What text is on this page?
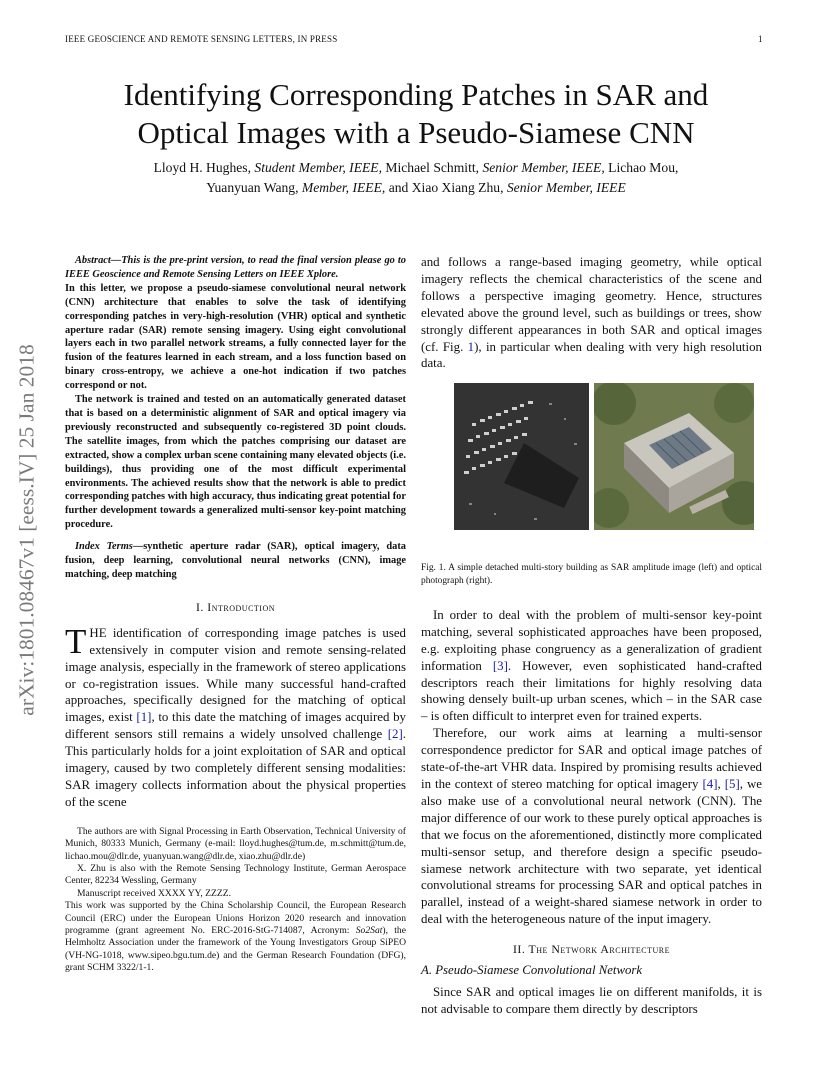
IEEE GEOSCIENCE AND REMOTE SENSING LETTERS, IN PRESS	1
Identifying Corresponding Patches in SAR and
Optical Images with a Pseudo-Siamese CNN
Lloyd H. Hughes, Student Member, IEEE, Michael Schmitt, Senior Member, IEEE, Lichao Mou,
Yuanyuan Wang, Member, IEEE, and Xiao Xiang Zhu, Senior Member, IEEE
arXiv:1801.08467v1 [eess.IV] 25 Jan 2018

Abstract—This is the pre-print version, to read the final version please go to IEEE Geoscience and Remote Sensing Letters on IEEE Xplore.

In this letter, we propose a pseudo-siamese convolutional neural network (CNN) architecture that enables to solve the task of identifying corresponding patches in very-high-resolution (VHR) optical and synthetic aperture radar (SAR) remote sensing imagery. Using eight convolutional layers each in two parallel network streams, a fully connected layer for the fusion of the features learned in each stream, and a loss function based on binary cross-entropy, we achieve a one-hot indication if two patches correspond or not.

The network is trained and tested on an automatically generated dataset that is based on a deterministic alignment of SAR and optical imagery via previously reconstructed and subsequently co-registered 3D point clouds. The satellite images, from which the patches comprising our dataset are extracted, show a complex urban scene containing many elevated objects (i.e. buildings), thus providing one of the most difficult experimental environments. The achieved results show that the network is able to predict corresponding patches with high accuracy, thus indicating great potential for further development towards a generalized multi-sensor key-point matching procedure.

Index Terms—synthetic aperture radar (SAR), optical imagery, data fusion, deep learning, convolutional neural networks (CNN), image matching, deep matching

I. Introduction

THE identification of corresponding image patches is used extensively in computer vision and remote sensing-related image analysis, especially in the framework of stereo applications or co-registration issues. While many successful hand-crafted approaches, specifically designed for the matching of optical images, exist [1], to this date the matching of images acquired by different sensors still remains a widely unsolved challenge [2]. This particularly holds for a joint exploitation of SAR and optical imagery, caused by two completely different sensing modalities: SAR imagery collects information about the physical properties of the scene

The authors are with Signal Processing in Earth Observation, Technical University of Munich, 80333 Munich, Germany (e-mail: lloyd.hughes@tum.de, m.schmitt@tum.de, lichao.mou@dlr.de, yuanyuan.wang@dlr.de, xiao.zhu@dlr.de)

X. Zhu is also with the Remote Sensing Technology Institute, German Aerospace Center, 82234 Wessling, Germany

Manuscript received XXXX YY, ZZZZ.

This work was supported by the China Scholarship Council, the European Research Council (ERC) under the European Unions Horizon 2020 research and innovation programme (grant agreement No. ERC-2016-StG-714087, Acronym: So2Sat), the Helmholtz Association under the framework of the Young Investigators Group SiPEO (VH-NG-1018, www.sipeo.bgu.tum.de) and the German Research Foundation (DFG), grant SCHM 3322/1-1.

and follows a range-based imaging geometry, while optical imagery reflects the chemical characteristics of the scene and follows a perspective imaging geometry. Hence, structures elevated above the ground level, such as buildings or trees, show strongly different appearances in both SAR and optical images (cf. Fig. 1), in particular when dealing with very high resolution data.

Fig. 1. A simple detached multi-story building as SAR amplitude image (left) and optical photograph (right).

In order to deal with the problem of multi-sensor key-point matching, several sophisticated approaches have been proposed, e.g. exploiting phase congruency as a generalization of gradient information [3]. However, even sophisticated hand-crafted descriptors reach their limitations for highly resolving data showing densely built-up urban scenes, which – in the SAR case – is often difficult to interpret even for trained experts.

Therefore, our work aims at learning a multi-sensor correspondence predictor for SAR and optical image patches of state-of-the-art VHR data. Inspired by promising results achieved in the context of stereo matching for optical imagery [4], [5], we also make use of a convolutional neural network (CNN). The major difference of our work to these purely optical approaches is that we focus on the aforementioned, distinctly more complicated multi-sensor setup, and therefore design a specific pseudo-siamese network architecture with two separate, yet identical convolutional streams for processing SAR and optical patches in parallel, instead of a weight-shared siamese network in order to deal with the heterogeneous nature of the input imagery.

II. The Network Architecture

A. Pseudo-Siamese Convolutional Network

Since SAR and optical images lie on different manifolds, it is not advisable to compare them directly by descriptors
